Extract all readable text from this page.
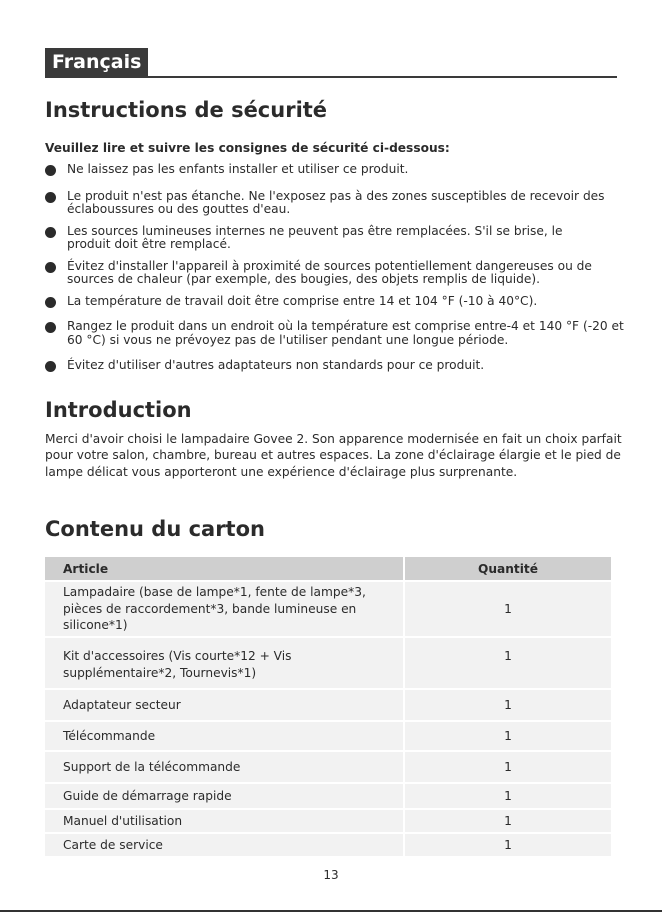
Français
Instructions de sécurité
Veuillez lire et suivre les consignes de sécurité ci-dessous:
Ne laissez pas les enfants installer et utiliser ce produit.
Le produit n'est pas étanche. Ne l'exposez pas à des zones susceptibles de recevoir des éclaboussures ou des gouttes d'eau.
Les sources lumineuses internes ne peuvent pas être remplacées. S'il se brise, le produit doit être remplacé.
Évitez d'installer l'appareil à proximité de sources potentiellement dangereuses ou de sources de chaleur (par exemple, des bougies, des objets remplis de liquide).
La température de travail doit être comprise entre 14 et 104 °F (-10 à 40°C).
Rangez le produit dans un endroit où la température est comprise entre-4 et 140 °F (-20 et 60 °C) si vous ne prévoyez pas de l'utiliser pendant une longue période.
Évitez d'utiliser d'autres adaptateurs non standards pour ce produit.
Introduction

Merci d'avoir choisi le lampadaire Govee 2. Son apparence modernisée en fait un choix parfait pour votre salon, chambre, bureau et autres espaces. La zone d'éclairage élargie et le pied de lampe délicat vous apporteront une expérience d'éclairage plus surprenante.

Contenu du carton
Article	Quantité
Lampadaire (base de lampe*1, fente de lampe*3, pièces de raccordement*3, bande lumineuse en silicone*1)	1
Kit d'accessoires (Vis courte*12 + Vis supplémentaire*2, Tournevis*1)	1
Adaptateur secteur	1
Télécommande	1
Support de la télécommande	1
Guide de démarrage rapide	1
Manuel d'utilisation	1
Carte de service	1
13
